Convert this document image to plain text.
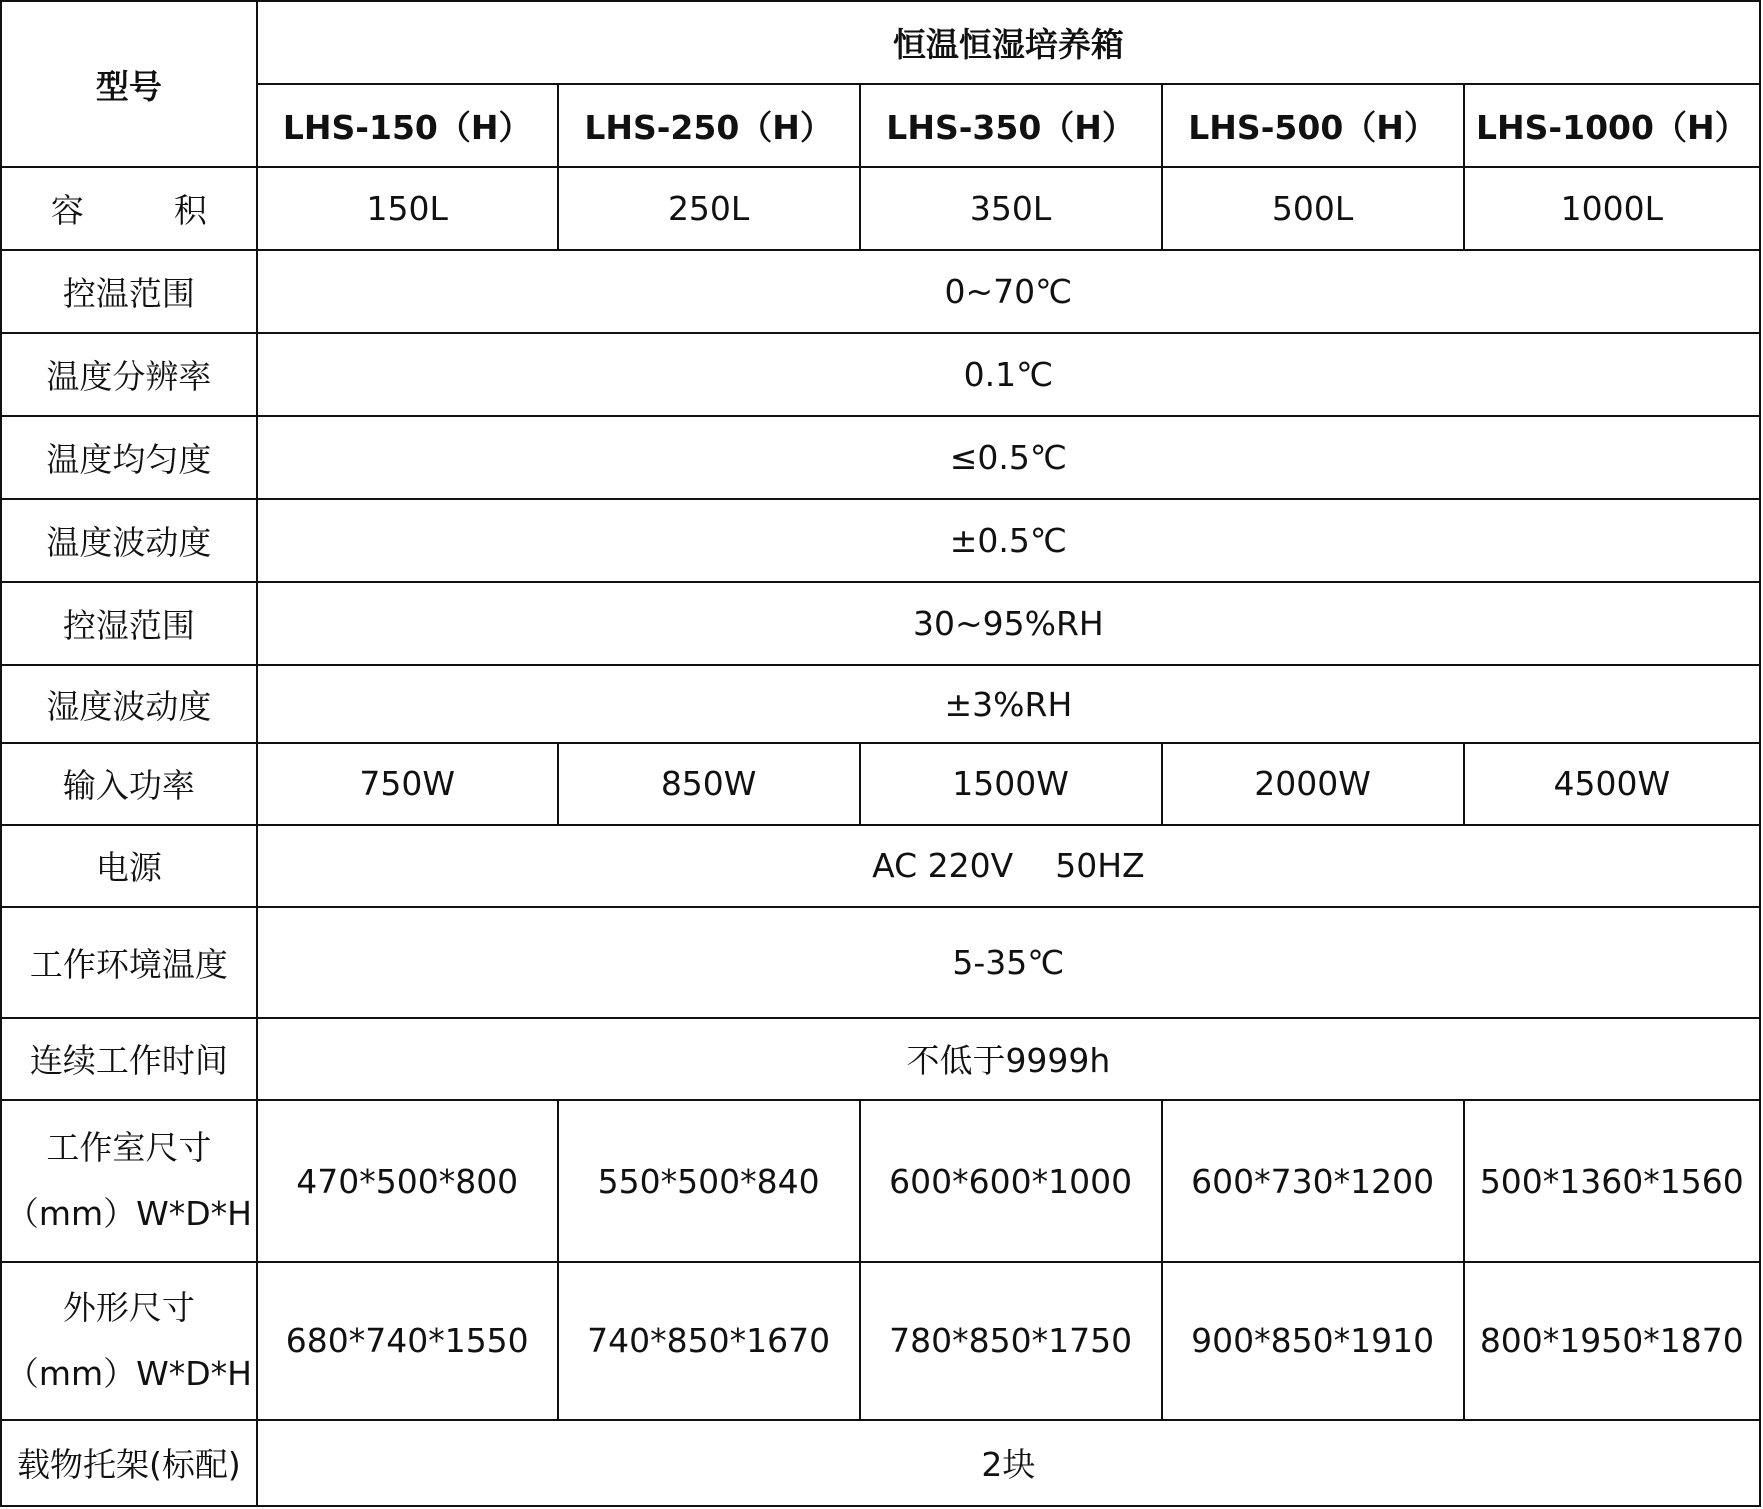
型号	恒温恒湿培养箱				
	LHS-150（H）	LHS-250（H）	LHS-350（H）	LHS-500（H）	LHS-1000（H）
容 积	150L	250L	350L	500L	1000L
控温范围	0~70℃				
温度分辨率	0.1℃				
温度均匀度	≤0.5℃				
温度波动度	±0.5℃				
控湿范围	30~95%RH				
湿度波动度	±3%RH				
输入功率	750W	850W	1500W	2000W	4500W
电源	AC 220V    50HZ				
工作环境温度	5-35℃				
连续工作时间	不低于9999h				

工作室尺寸
（mm）W*D*H	470*500*800	550*500*840	600*600*1000	600*730*1200	500*1360*1560

外形尺寸
（mm）W*D*H	680*740*1550	740*850*1670	780*850*1750	900*850*1910	800*1950*1870
载物托架(标配)	2块				
